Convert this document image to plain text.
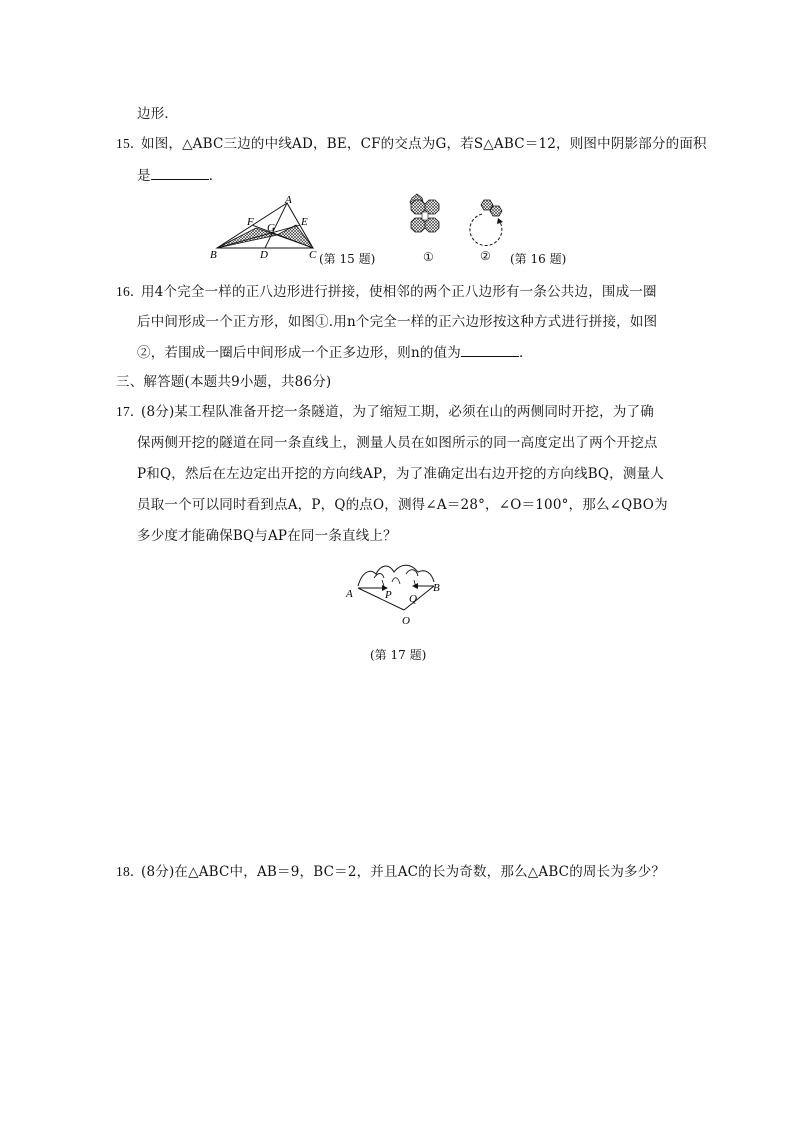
边形．
15．
如图，△ABC三边的中线AD，BE，CF的交点为G，若S△ABC＝12，则图中阴影部分的面积
是	．
A
B	C
D
E
F G
(第 15 题)	①	② (第 16 题)
16．
用4个完全一样的正八边形进行拼接，使相邻的两个正八边形有一条公共边，围成一圈
后中间形成一个正方形，如图①.用n个完全一样的正六边形按这种方式进行拼接，如图
②，若围成一圈后中间形成一个正多边形，则n的值为	．
三、解答题(本题共9小题，共86分)
17．
(8分)某工程队准备开挖一条隧道，为了缩短工期，必须在山的两侧同时开挖，为了确
保两侧开挖的隧道在同一条直线上，测量人员在如图所示的同一高度定出了两个开挖点
P和Q，然后在左边定出开挖的方向线AP，为了准确定出右边开挖的方向线BQ，测量人
员取一个可以同时看到点A，P，Q的点O，测得∠A＝28°，∠O＝100°，那么∠QBO为
多少度才能确保BQ与AP在同一条直线上？
A	B
P Q
O
(第 17 题)
18．
(8分)在△ABC中，AB＝9，BC＝2，并且AC的长为奇数，那么△ABC的周长为多少？
